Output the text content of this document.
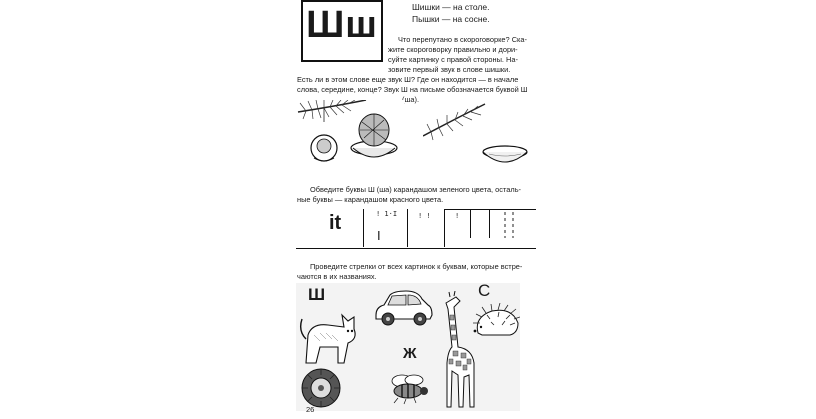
Шш	Шишки — на столе.
Пышки — на сосне.
Что перепутано в скороговорке? Ска-
жите скороговорку правильно и дори-
суйте картинку с правой стороны. На-
зовите первый звук в слове шишки.
Есть ли в этом слове еще звук Ш? Где он находится — в начале
слова, середине, конце? Звук Ш на письме обозначается буквой Ш
(ша).
Обведите буквы Ш (ша) карандашом зеленого цвета, осталь-
ные буквы — карандашом красного цвета.
it	! 1·I
I
! !	!
Проведите стрелки от всех картинок к буквам, которые встре-
чаются в их названиях.
Ш	С
Ж
26
